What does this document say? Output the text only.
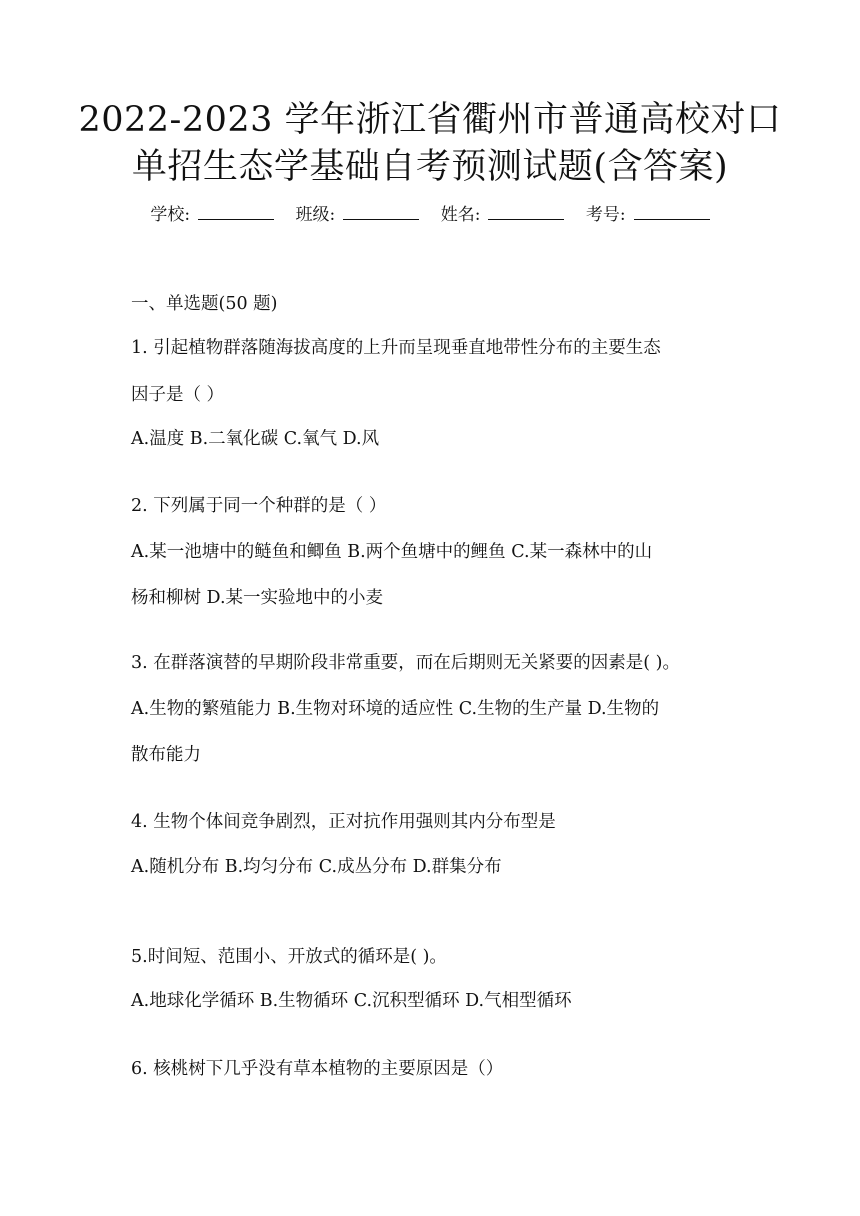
2022-2023 学年浙江省衢州市普通高校对口
单招生态学基础自考预测试题(含答案)
学校:	班级:	姓名:	考号:
一、单选题(50 题)
1. 引起植物群落随海拔高度的上升而呈现垂直地带性分布的主要生态
因子是（ ）
A.温度 B.二氧化碳 C.氧气 D.风
2. 下列属于同一个种群的是（ ）
A.某一池塘中的鲢鱼和鲫鱼 B.两个鱼塘中的鲤鱼 C.某一森林中的山
杨和柳树 D.某一实验地中的小麦
3. 在群落演替的早期阶段非常重要，而在后期则无关紧要的因素是( )。
A.生物的繁殖能力 B.生物对环境的适应性 C.生物的生产量 D.生物的
散布能力
4. 生物个体间竞争剧烈，正对抗作用强则其内分布型是
A.随机分布 B.均匀分布 C.成丛分布 D.群集分布
5.时间短、范围小、开放式的循环是( )。
A.地球化学循环 B.生物循环 C.沉积型循环 D.气相型循环
6. 核桃树下几乎没有草本植物的主要原因是（）
